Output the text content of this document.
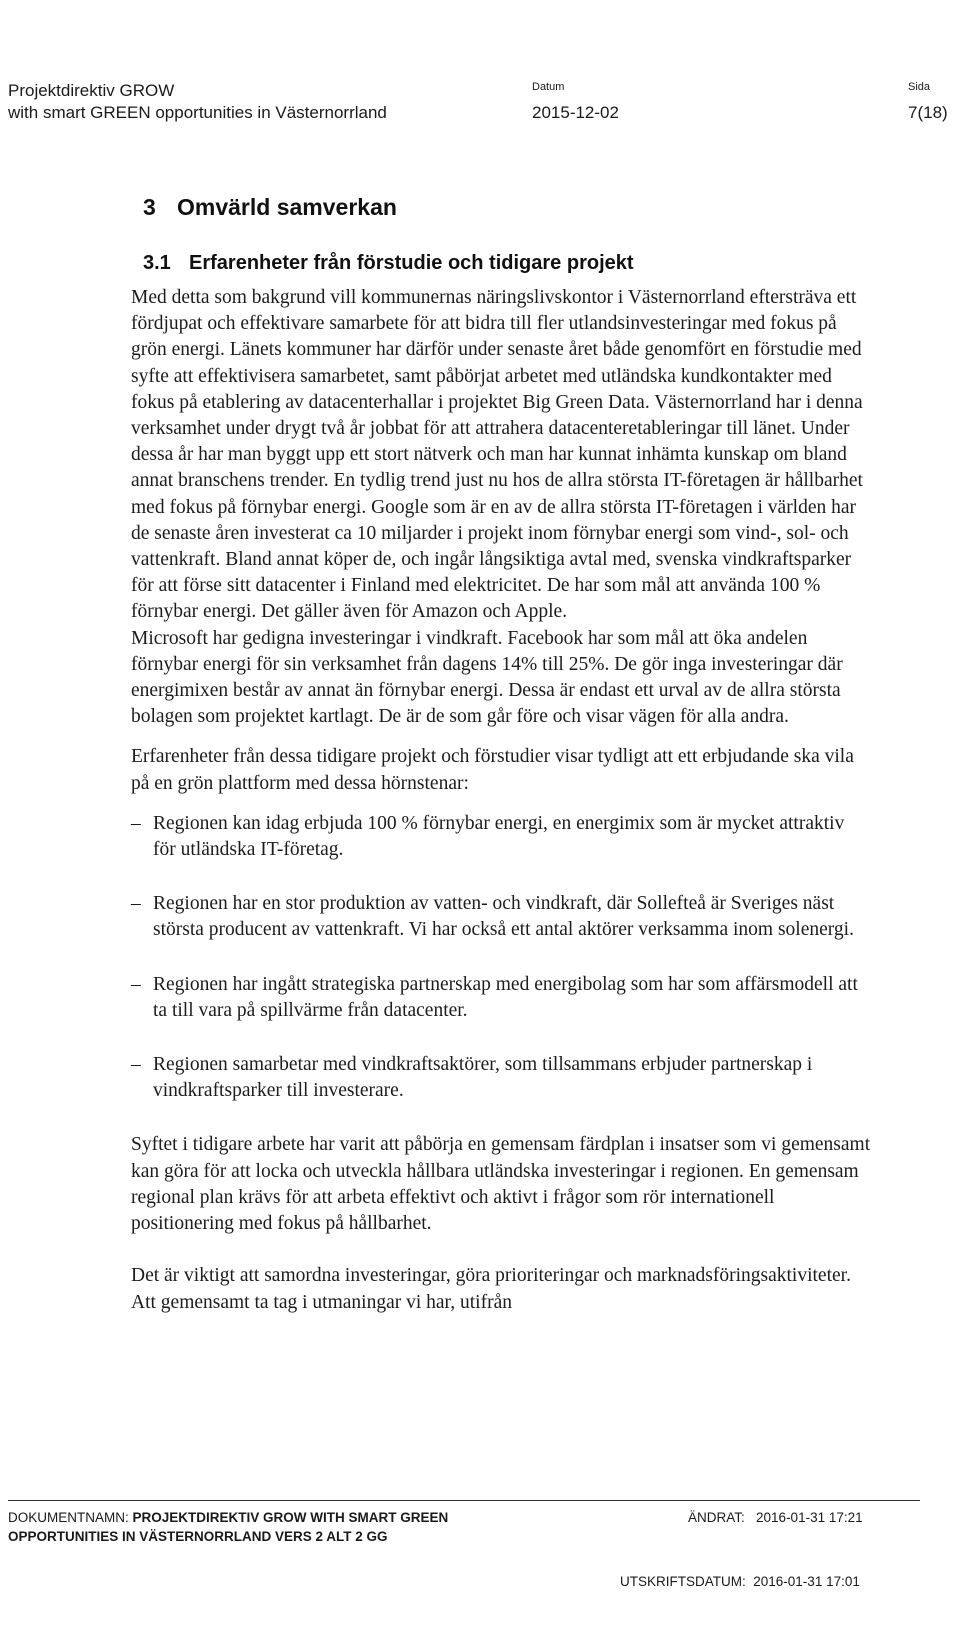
Projektdirektiv GROW
with smart GREEN opportunities in Västernorrland
Datum
2015-12-02
Sida
7(18)
3 Omvärld samverkan
3.1 Erfarenheter från förstudie och tidigare projekt

Med detta som bakgrund vill kommunernas näringslivskontor i Västernorrland eftersträva ett fördjupat och effektivare samarbete för att bidra till fler utlandsinvesteringar med fokus på grön energi. Länets kommuner har därför under senaste året både genomfört en förstudie med syfte att effektivisera samarbetet, samt påbörjat arbetet med utländska kundkontakter med fokus på etablering av datacenterhallar i projektet Big Green Data. Västernorrland har i denna verksamhet under drygt två år jobbat för att attrahera datacenteretableringar till länet. Under dessa år har man byggt upp ett stort nätverk och man har kunnat inhämta kunskap om bland annat branschens trender. En tydlig trend just nu hos de allra största IT-företagen är hållbarhet med fokus på förnybar energi. Google som är en av de allra största IT-företagen i världen har de senaste åren investerat ca 10 miljarder i projekt inom förnybar energi som vind-, sol- och vattenkraft. Bland annat köper de, och ingår långsiktiga avtal med, svenska vindkraftsparker för att förse sitt datacenter i Finland med elektricitet. De har som mål att använda 100 % förnybar energi. Det gäller även för Amazon och Apple.

Microsoft har gedigna investeringar i vindkraft. Facebook har som mål att öka andelen förnybar energi för sin verksamhet från dagens 14% till 25%. De gör inga investeringar där energimixen består av annat än förnybar energi. Dessa är endast ett urval av de allra största bolagen som projektet kartlagt. De är de som går före och visar vägen för alla andra.

Erfarenheter från dessa tidigare projekt och förstudier visar tydligt att ett erbjudande ska vila på en grön plattform med dessa hörnstenar:

– Regionen kan idag erbjuda 100 % förnybar energi, en energimix som är mycket attraktiv för utländska IT-företag.
– Regionen har en stor produktion av vatten- och vindkraft, där Sollefteå är Sveriges näst största producent av vattenkraft. Vi har också ett antal aktörer verksamma inom solenergi.
– Regionen har ingått strategiska partnerskap med energibolag som har som affärsmodell att ta till vara på spillvärme från datacenter.
– Regionen samarbetar med vindkraftsaktörer, som tillsammans erbjuder partnerskap i vindkraftsparker till investerare.

Syftet i tidigare arbete har varit att påbörja en gemensam färdplan i insatser som vi gemensamt kan göra för att locka och utveckla hållbara utländska investeringar i regionen. En gemensam regional plan krävs för att arbeta effektivt och aktivt i frågor som rör internationell positionering med fokus på hållbarhet.

Det är viktigt att samordna investeringar, göra prioriteringar och marknadsföringsaktiviteter. Att gemensamt ta tag i utmaningar vi har, utifrån

DOKUMENTNAMN: PROJEKTDIREKTIV GROW WITH SMART GREEN
OPPORTUNITIES IN VÄSTERNORRLAND VERS 2 ALT 2 GG
ÄNDRAT: 2016-01-31 17:21
UTSKRIFTSDATUM: 2016-01-31 17:01
